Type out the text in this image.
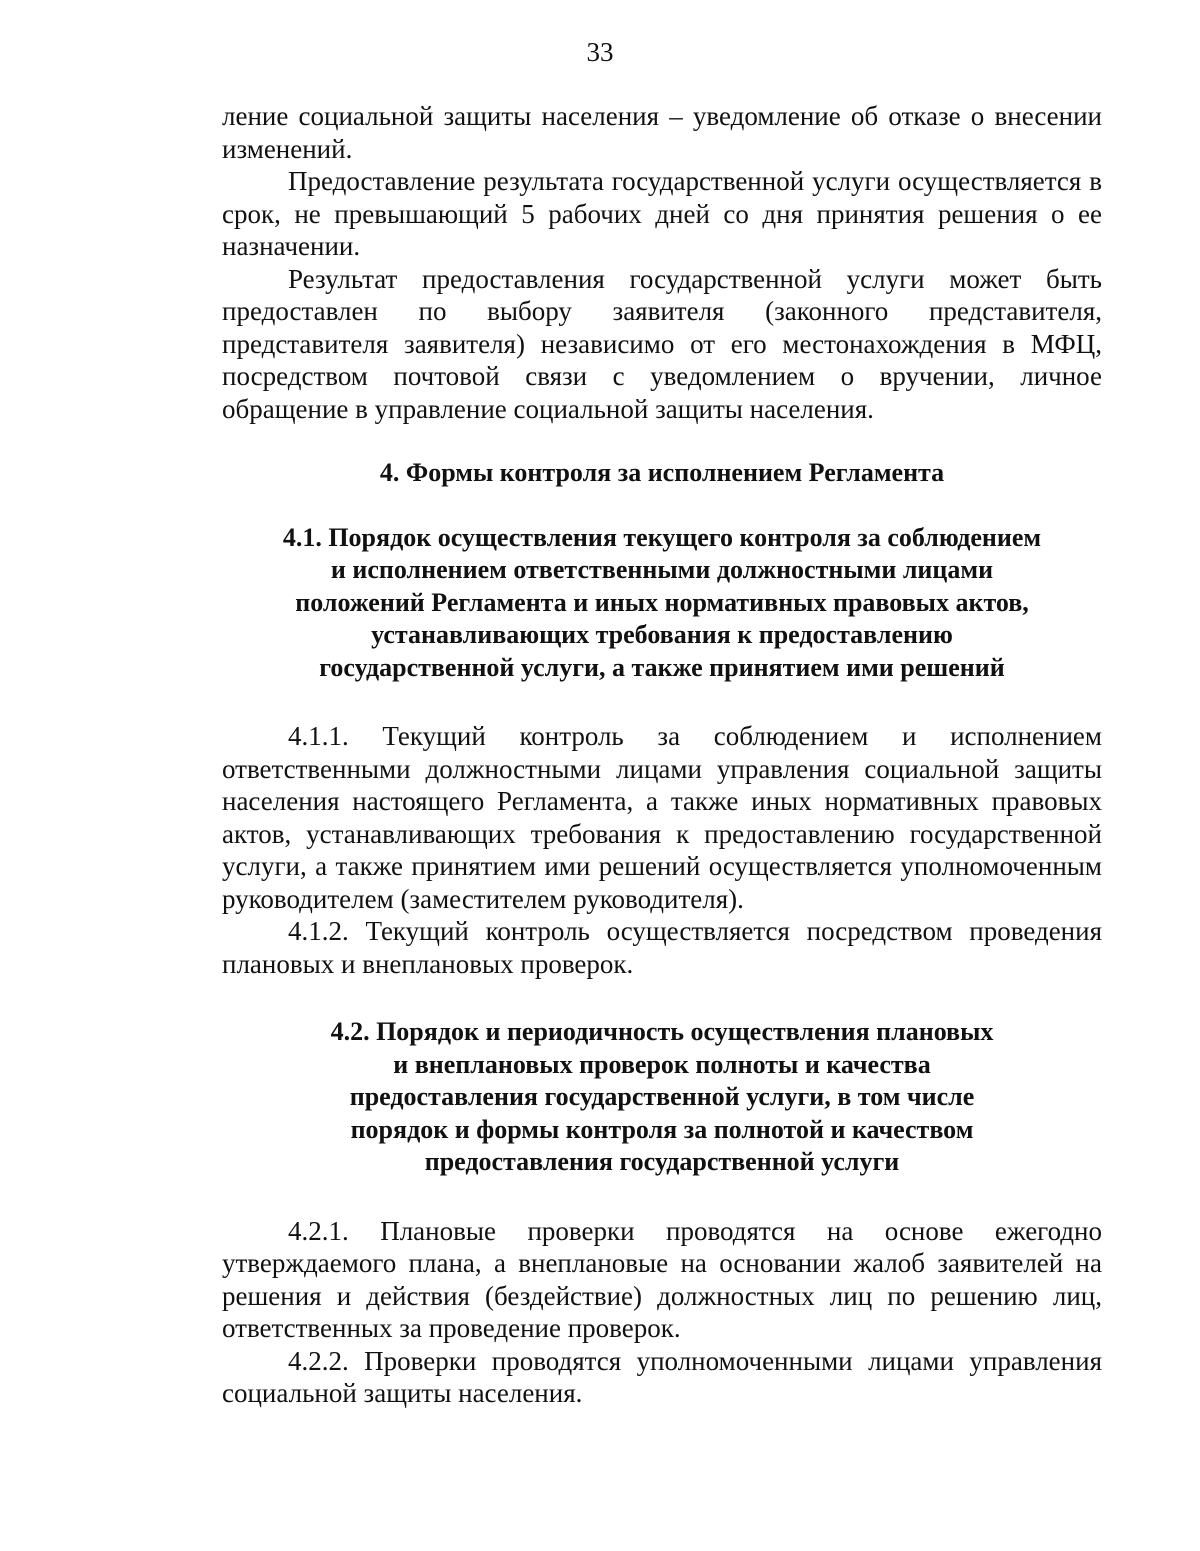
33

ление социальной защиты населения – уведомление об отказе о внесении изменений.

Предоставление результата государственной услуги осуществляется в срок, не превышающий 5 рабочих дней со дня принятия решения о ее назначении.

Результат предоставления государственной услуги может быть предоставлен по выбору заявителя (законного представителя, представителя заявителя) независимо от его местонахождения в МФЦ, посредством почтовой связи с уведомлением о вручении, личное обращение в управление социальной защиты населения.

4. Формы контроля за исполнением Регламента

4.1. Порядок осуществления текущего контроля за соблюдением

и исполнением ответственными должностными лицами

положений Регламента и иных нормативных правовых актов,

устанавливающих требования к предоставлению

государственной услуги, а также принятием ими решений

4.1.1. Текущий контроль за соблюдением и исполнением ответственными должностными лицами управления социальной защиты населения настоящего Регламента, а также иных нормативных правовых актов, устанавливающих требования к предоставлению государственной услуги, а также принятием ими решений осуществляется уполномоченным руководителем (заместителем руководителя).

4.1.2. Текущий контроль осуществляется посредством проведения плановых и внеплановых проверок.

4.2. Порядок и периодичность осуществления плановых

и внеплановых проверок полноты и качества

предоставления государственной услуги, в том числе

порядок и формы контроля за полнотой и качеством

предоставления государственной услуги

4.2.1. Плановые проверки проводятся на основе ежегодно утверждаемого плана, а внеплановые на основании жалоб заявителей на решения и действия (бездействие) должностных лиц по решению лиц, ответственных за проведение проверок.

4.2.2. Проверки проводятся уполномоченными лицами управления социальной защиты населения.
